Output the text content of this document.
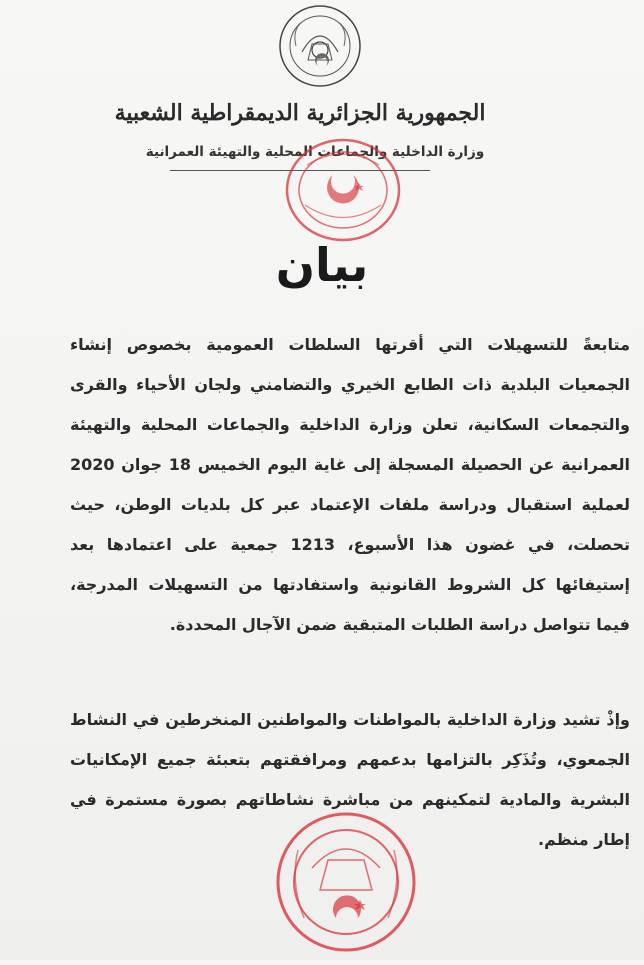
الجمهورية الجزائرية الديمقراطية الشعبية
وزارة الداخلية والجماعات المحلية والتهيئة العمرانية
بيان
متابعةً للتسهيلات التي أقرتها السلطات العمومية بخصوص إنشاء الجمعيات البلدية ذات الطابع الخيري والتضامني ولجان الأحياء والقرى والتجمعات السكانية، تعلن وزارة الداخلية والجماعات المحلية والتهيئة العمرانية عن الحصيلة المسجلة إلى غاية اليوم الخميس 18 جوان 2020 لعملية استقبال ودراسة ملفات الإعتماد عبر كل بلديات الوطن، حيث تحصلت، في غضون هذا الأسبوع، 1213 جمعية على اعتمادها بعد إستيفائها كل الشروط القانونية واستفادتها من التسهيلات المدرجة، فيما تتواصل دراسة الطلبات المتبقية ضمن الآجال المحددة.
وإذْ تشيد وزارة الداخلية بالمواطنات والمواطنين المنخرطين في النشاط الجمعوي، وتُذَكِر بالتزامها بدعمهم ومرافقتهم بتعبئة جميع الإمكانيات البشرية والمادية لتمكينهم من مباشرة نشاطاتهم بصورة مستمرة في إطار منظم.
